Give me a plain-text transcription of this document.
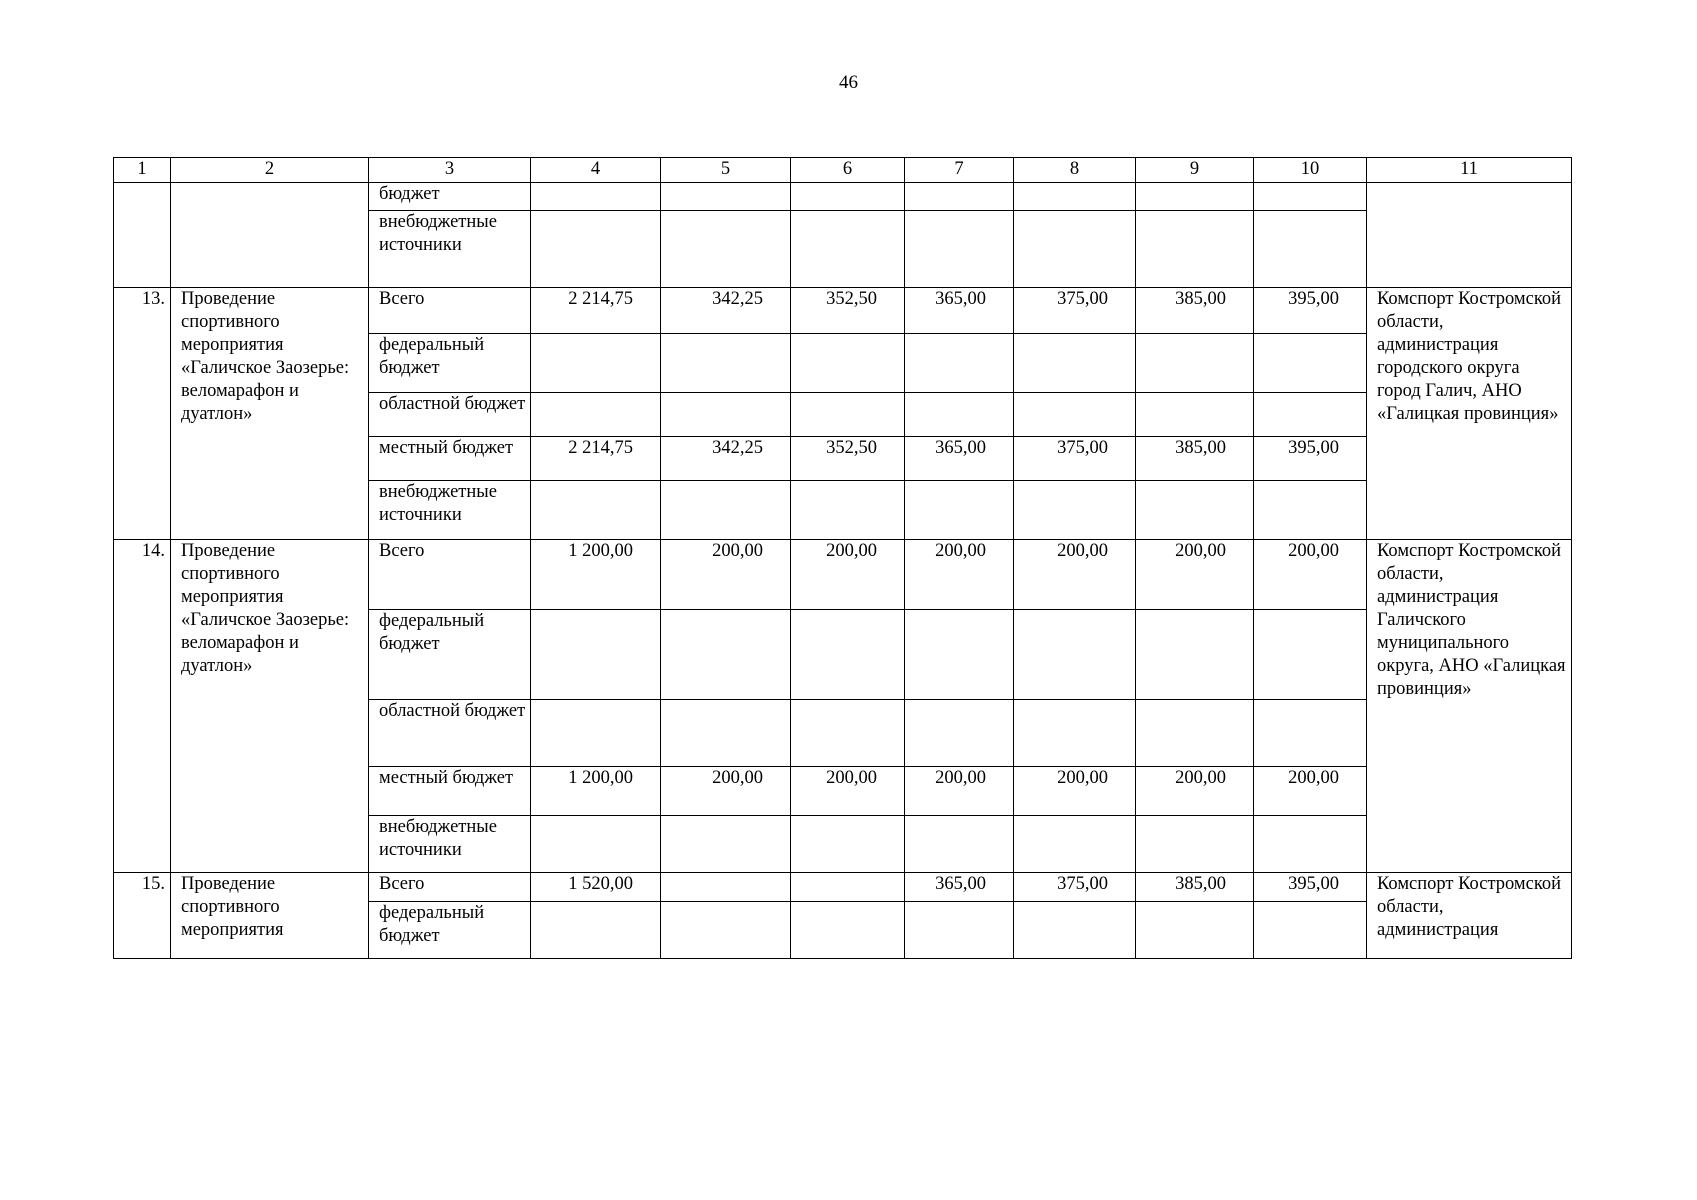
46
1	2	3	4	5	6	7	8	9	10	11
		бюджет								
		внебюджетные источники								
13.	Проведение спортивного мероприятия «Галичское Заозерье: веломарафон и дуатлон»	Всего	2 214,75	342,25	352,50	365,00	375,00	385,00	395,00	Комспорт Костромской области, администрация городского округа город Галич, АНО «Галицкая провинция»
		федеральный бюджет								
		областной бюджет								
		местный бюджет	2 214,75	342,25	352,50	365,00	375,00	385,00	395,00	
		внебюджетные источники								
14.	Проведение спортивного мероприятия «Галичское Заозерье: веломарафон и дуатлон»	Всего	1 200,00	200,00	200,00	200,00	200,00	200,00	200,00	Комспорт Костромской области, администрация Галичского муниципального округа, АНО «Галицкая провинция»
		федеральный бюджет								
		областной бюджет								
		местный бюджет	1 200,00	200,00	200,00	200,00	200,00	200,00	200,00	
		внебюджетные источники								
15.	Проведение спортивного мероприятия	Всего	1 520,00			365,00	375,00	385,00	395,00	Комспорт Костромской области, администрация
		федеральный бюджет								
